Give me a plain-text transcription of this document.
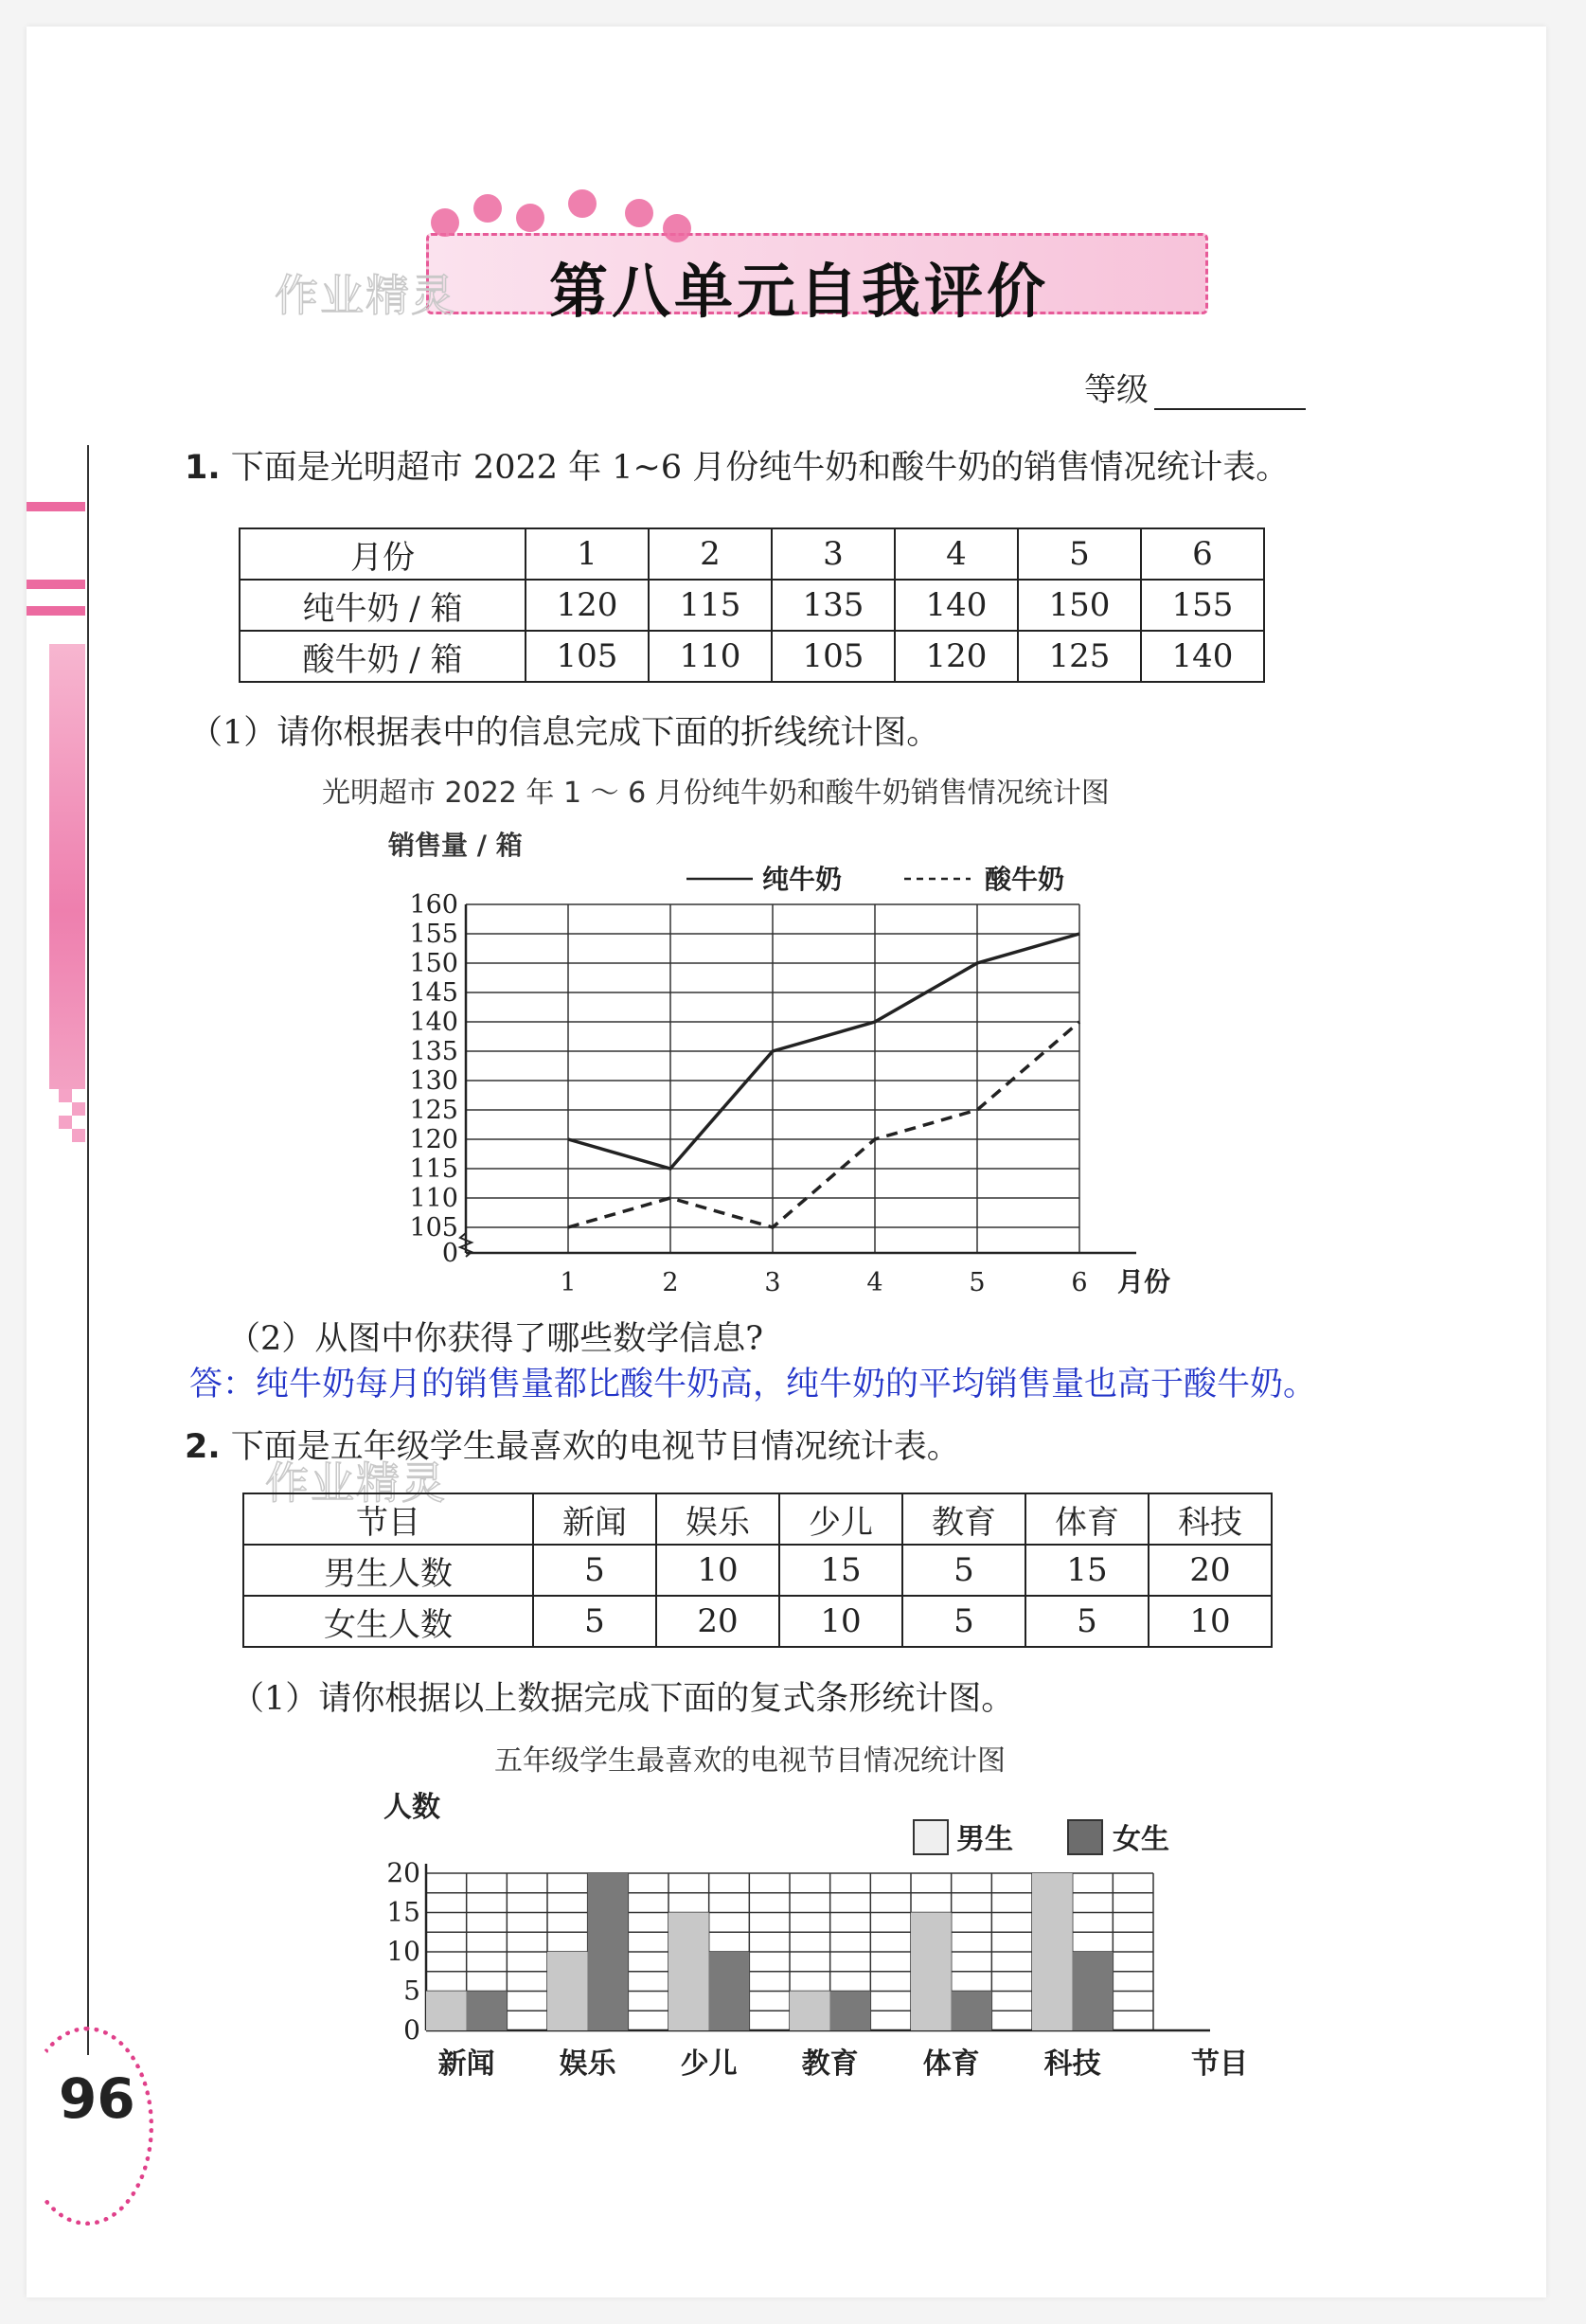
96
作业精灵 第八单元自我评价
等级
1. 下面是光明超市 2022 年 1~6 月份纯牛奶和酸牛奶的销售情况统计表。
月份	1	2	3	4	5	6
纯牛奶 / 箱	120	115	135	140	150	155
酸牛奶 / 箱	105	110	105	120	125	140
（1）请你根据表中的信息完成下面的折线统计图。
光明超市 2022 年 1 ～ 6 月份纯牛奶和酸牛奶销售情况统计图
销售量 / 箱
0
105
110
115
120
125
130
135
140
145
150
155
160
1	2	3	4	5	6 月份
纯牛奶	酸牛奶
（2）从图中你获得了哪些数学信息?
答：纯牛奶每月的销售量都比酸牛奶高，纯牛奶的平均销售量也高于酸牛奶。
2. 下面是五年级学生最喜欢的电视节目情况统计表。
作业精灵
节目	新闻	娱乐	少儿	教育	体育	科技
男生人数	5	10	15	5	15	20
女生人数	5	20	10	5	5	10
（1）请你根据以上数据完成下面的复式条形统计图。
五年级学生最喜欢的电视节目情况统计图
人数
0
5
10
15
20
新闻 娱乐 少儿 教育 体育 科技	节目
男生	女生
